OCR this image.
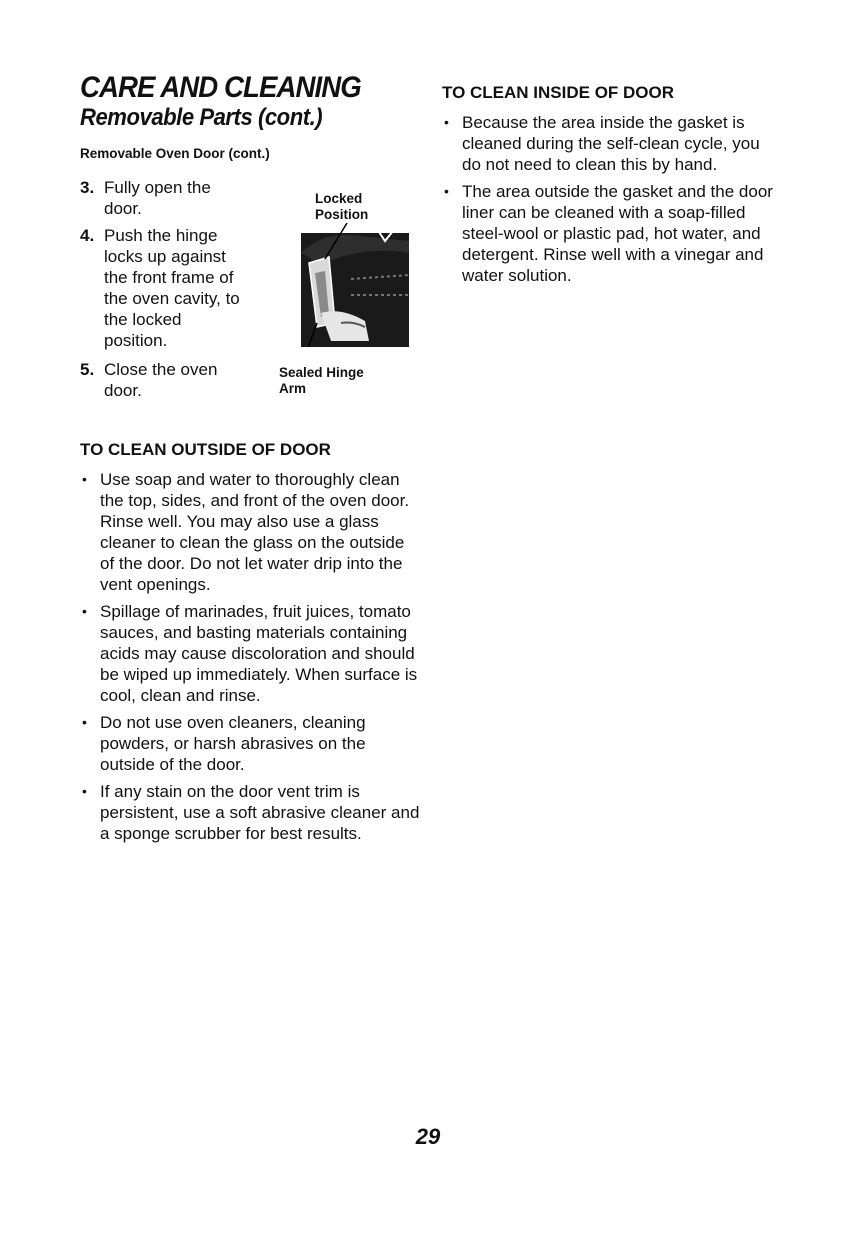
CARE AND CLEANING
Removable Parts (cont.)
Removable Oven Door (cont.)
3. Fully open the
door.
4. Push the hinge
locks up against
the front frame of
the oven cavity, to
the locked
position.
5. Close the oven
door.
Locked
Position
Sealed Hinge
Arm
TO CLEAN OUTSIDE OF DOOR
• Use soap and water to thoroughly clean the top, sides, and front of the oven door. Rinse well. You may also use a glass cleaner to clean the glass on the outside of the door. Do not let water drip into the vent openings.
• Spillage of marinades, fruit juices, tomato sauces, and basting materials containing acids may cause discoloration and should be wiped up immediately. When surface is cool, clean and rinse.
• Do not use oven cleaners, cleaning powders, or harsh abrasives on the outside of the door.
• If any stain on the door vent trim is persistent, use a soft abrasive cleaner and a sponge scrubber for best results.
TO CLEAN INSIDE OF DOOR
• Because the area inside the gasket is cleaned during the self-clean cycle, you do not need to clean this by hand.
• The area outside the gasket and the door liner can be cleaned with a soap-filled steel-wool or plastic pad, hot water, and detergent. Rinse well with a vinegar and water solution.
29
